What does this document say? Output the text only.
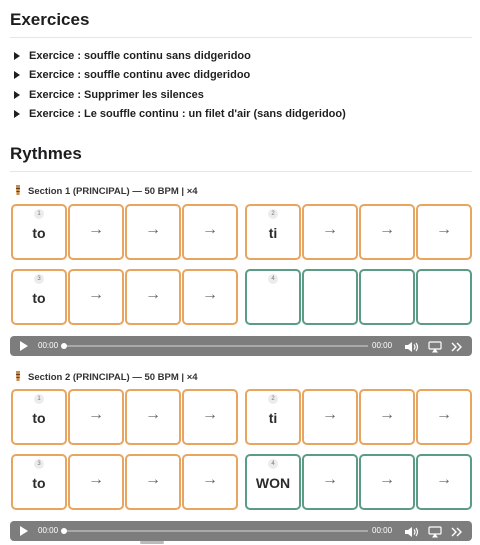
Exercices
Exercice : souffle continu sans didgeridoo
Exercice : souffle continu avec didgeridoo
Exercice : Supprimer les silences
Exercice : Le souffle continu : un filet d'air (sans didgeridoo)
Rythmes
Section 1 (PRINCIPAL) — 50 BPM | ×4
1
to	→	→	→
2
ti	→	→	→
3
to	→	→	→
4
00:00	00:00
Section 2 (PRINCIPAL) — 50 BPM | ×4
1
to	→	→	→
2
ti	→	→	→
3
to	→	→	→
4
WON	→	→	→
00:00	00:00
